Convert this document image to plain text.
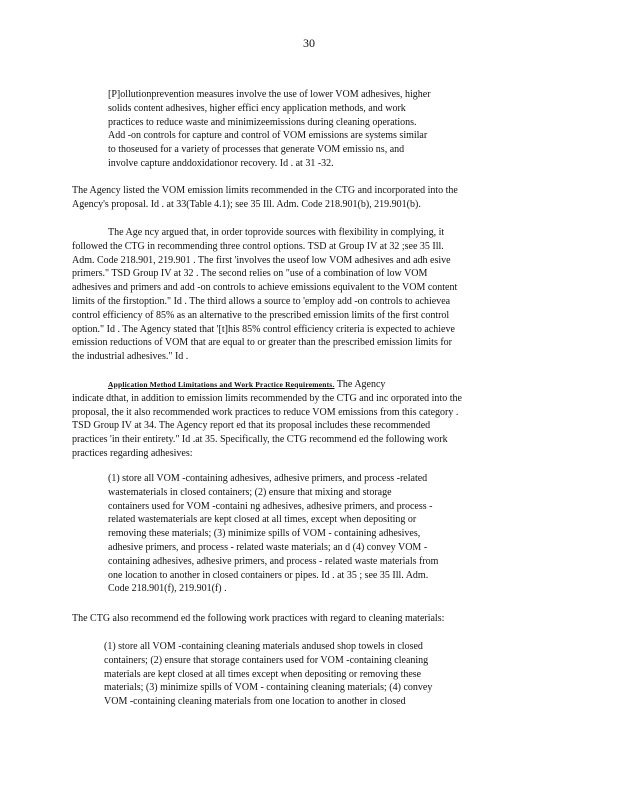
30
[P]ollutionprevention measures involve the use of lower VOM adhesives, higher
solids content adhesives, higher effici ency application methods, and work
practices to reduce waste and minimizeemissions during cleaning operations.
Add -on controls for capture and control of VOM emissions are systems similar
to thoseused for a variety of processes that generate VOM emissio ns, and
involve capture anddoxidationor recovery. Id . at 31 -32.
The Agency listed the VOM emission limits recommended in the CTG and incorporated into the
Agency's proposal. Id . at 33(Table 4.1); see 35 Ill. Adm. Code 218.901(b), 219.901(b).
The Age ncy argued that, in order toprovide sources with flexibility in complying, it
followed the CTG in recommending three control options. TSD at Group IV at 32 ;see 35 Ill.
Adm. Code 218.901, 219.901 . The first 'involves the useof low VOM adhesives and adh esive
primers." TSD Group IV at 32 . The second relies on "use of a combination of low VOM
adhesives and primers and add -on controls to achieve emissions equivalent to the VOM content
limits of the firstoption." Id . The third allows a source to 'employ add -on controls to achievea
control efficiency of 85% as an alternative to the prescribed emission limits of the first control
option." Id . The Agency stated that '[t]his 85% control efficiency criteria is expected to achieve
emission reductions of VOM that are equal to or greater than the prescribed emission limits for
the industrial adhesives." Id .
Application Method Limitations and Work Practice Requirements. The Agency
indicate dthat, in addition to emission limits recommended by the CTG and inc orporated into the
proposal, the it also recommended work practices to reduce VOM emissions from this category .
TSD Group IV at 34. The Agency report ed that its proposal includes these recommended
practices 'in their entirety." Id .at 35. Specifically, the CTG recommend ed the following work
practices regarding adhesives:
(1) store all VOM -containing adhesives, adhesive primers, and process -related
wastematerials in closed containers; (2) ensure that mixing and storage
containers used for VOM -containi ng adhesives, adhesive primers, and process -
related wastematerials are kept closed at all times, except when depositing or
removing these materials; (3) minimize spills of VOM - containing adhesives,
adhesive primers, and process - related waste materials; an d (4) convey VOM -
containing adhesives, adhesive primers, and process - related waste materials from
one location to another in closed containers or pipes. Id . at 35 ; see 35 Ill. Adm.
Code 218.901(f), 219.901(f) .
The CTG also recommend ed the following work practices with regard to cleaning materials:
(1) store all VOM -containing cleaning materials andused shop towels in closed
containers; (2) ensure that storage containers used for VOM -containing cleaning
materials are kept closed at all times except when depositing or removing these
materials; (3) minimize spills of VOM - containing cleaning materials; (4) convey
VOM -containing cleaning materials from one location to another in closed
